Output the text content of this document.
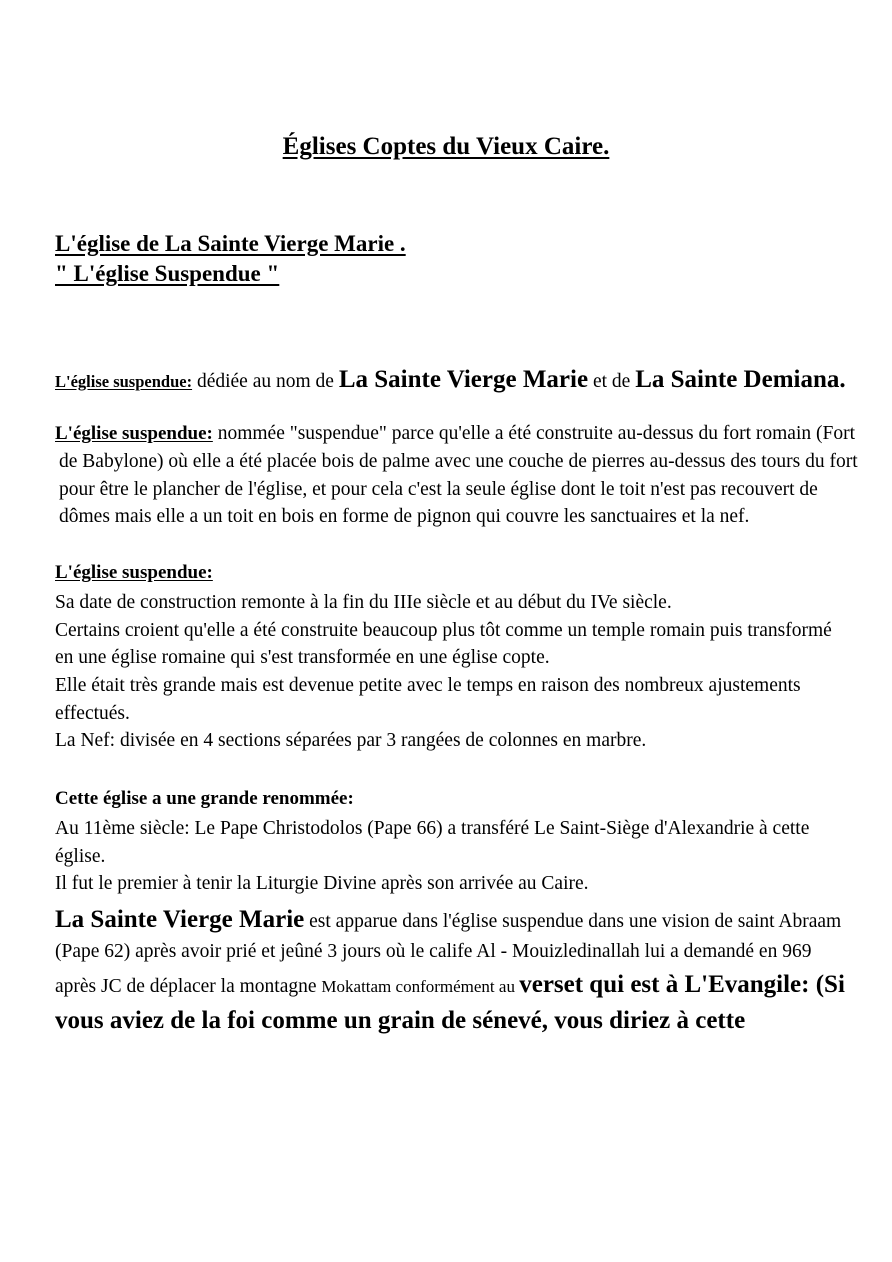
Églises Coptes du Vieux Caire.
L'église de La Sainte Vierge Marie .
" L'église Suspendue "

L'église suspendue: dédiée au nom de La Sainte Vierge Marie et de La Sainte Demiana.

L'église suspendue: nommée "suspendue" parce qu'elle a été construite au-dessus du fort romain (Fort de Babylone) où elle a été placée bois de palme avec une couche de pierres au-dessus des tours du fort pour être le plancher de l'église, et pour cela c'est la seule église dont le toit n'est pas recouvert de dômes mais elle a un toit en bois en forme de pignon qui couvre les sanctuaires et la nef.

L'église suspendue:

Sa date de construction remonte à la fin du IIIe siècle et au début du IVe siècle.

Certains croient qu'elle a été construite beaucoup plus tôt comme un temple romain puis transformé en une église romaine qui s'est transformée en une église copte.

Elle était très grande mais est devenue petite avec le temps en raison des nombreux ajustements effectués.

La Nef: divisée en 4 sections séparées par 3 rangées de colonnes en marbre.

Cette église a une grande renommée:

Au 11ème siècle: Le Pape Christodolos (Pape 66) a transféré Le Saint-Siège d'Alexandrie à cette église.

Il fut le premier à tenir la Liturgie Divine après son arrivée au Caire.

La Sainte Vierge Marie est apparue dans l'église suspendue dans une vision de saint Abraam (Pape 62) après avoir prié et jeûné 3 jours où le calife Al - Mouizledinallah lui a demandé en 969 après JC de déplacer la montagne Mokattam conformément au verset qui est à L'Evangile: (Si vous aviez de la foi comme un grain de sénevé, vous diriez à cette
